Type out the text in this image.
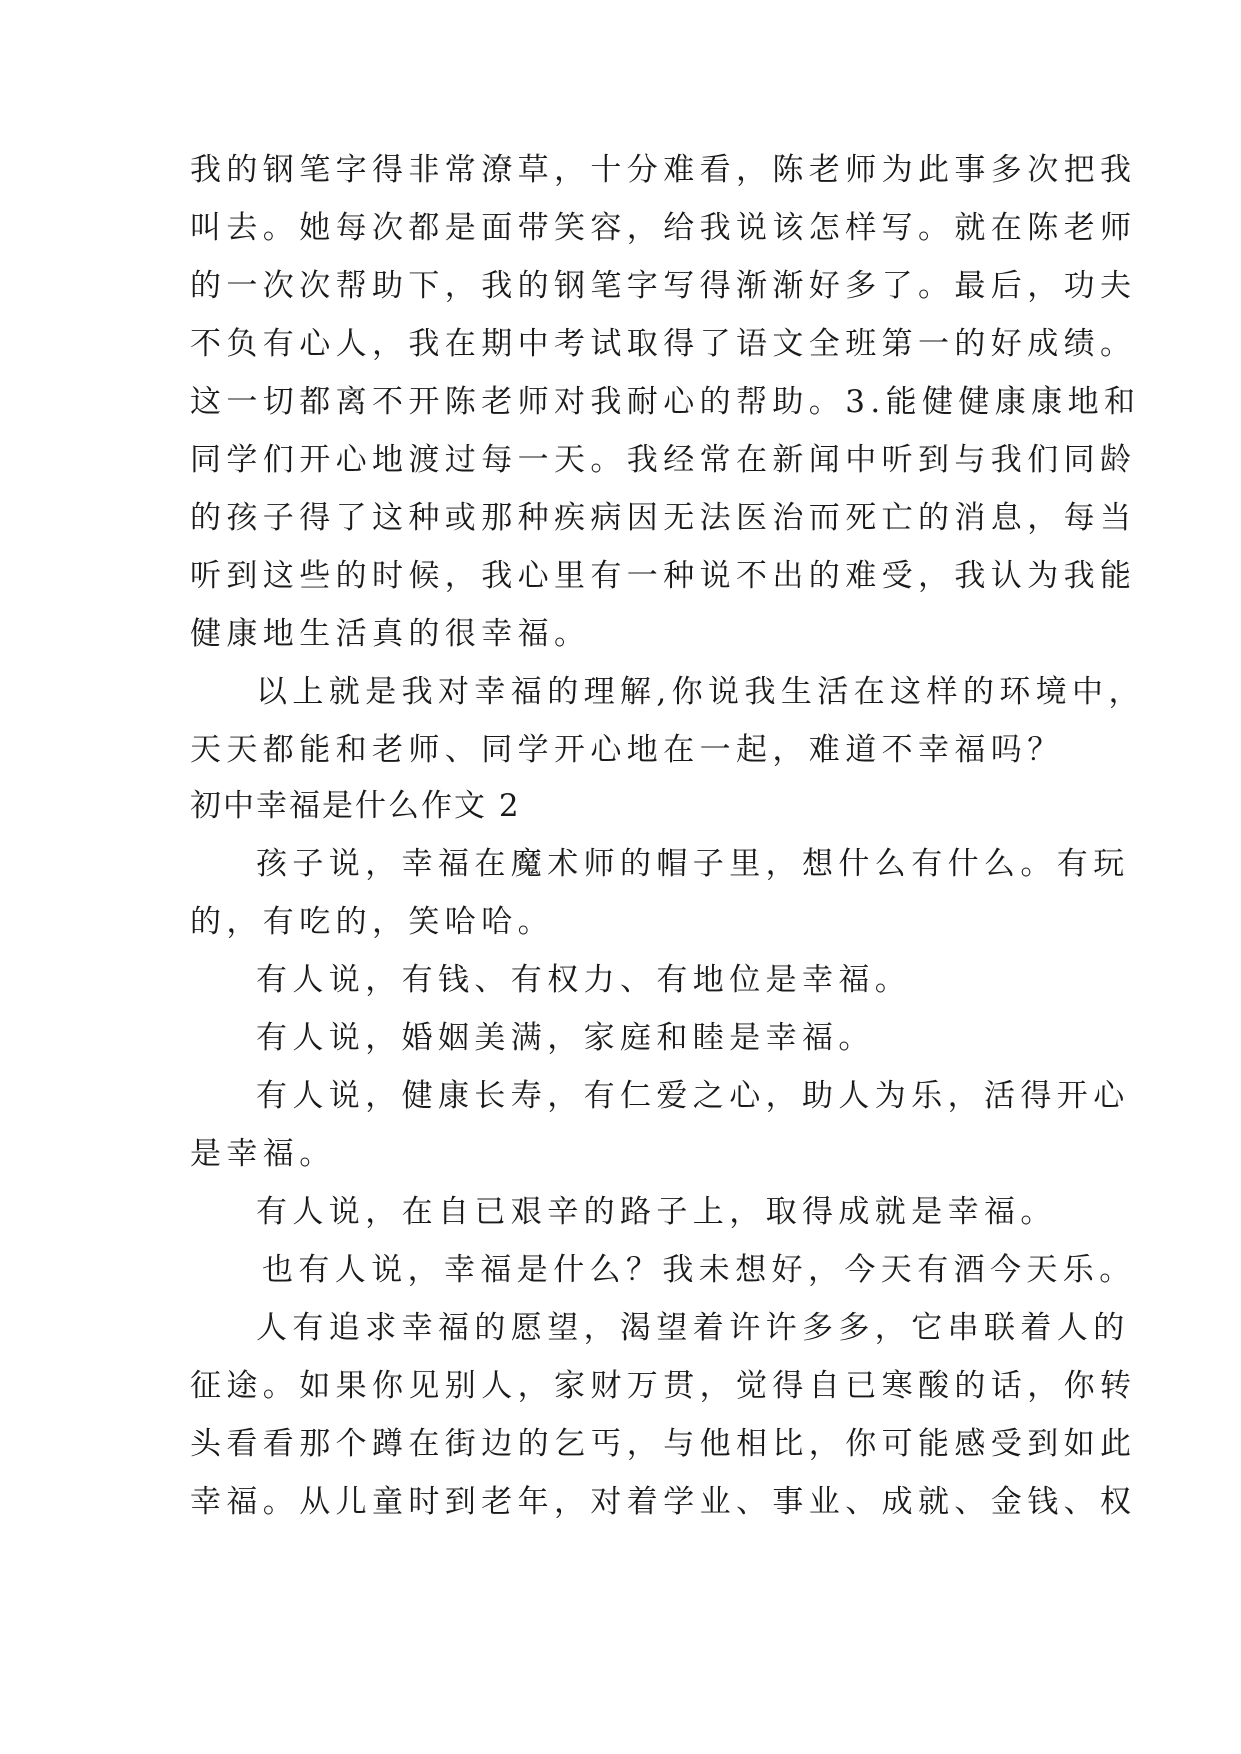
我的钢笔字得非常潦草，十分难看，陈老师为此事多次把我
叫去。她每次都是面带笑容，给我说该怎样写。就在陈老师
的一次次帮助下，我的钢笔字写得渐渐好多了。最后，功夫
不负有心人，我在期中考试取得了语文全班第一的好成绩。
这一切都离不开陈老师对我耐心的帮助。3.能健健康康地和
同学们开心地渡过每一天。我经常在新闻中听到与我们同龄
的孩子得了这种或那种疾病因无法医治而死亡的消息，每当
听到这些的时候，我心里有一种说不出的难受，我认为我能
健康地生活真的很幸福。
以上就是我对幸福的理解,你说我生活在这样的环境中，
天天都能和老师、同学开心地在一起，难道不幸福吗？
初中幸福是什么作文 2
孩子说，幸福在魔术师的帽子里，想什么有什么。有玩
的，有吃的，笑哈哈。
有人说，有钱、有权力、有地位是幸福。
有人说，婚姻美满，家庭和睦是幸福。
有人说，健康长寿，有仁爱之心，助人为乐，活得开心
是幸福。
有人说，在自已艰辛的路子上，取得成就是幸福。
也有人说，幸福是什么？我未想好，今天有酒今天乐。
人有追求幸福的愿望，渴望着许许多多，它串联着人的
征途。如果你见别人，家财万贯，觉得自已寒酸的话，你转
头看看那个蹲在街边的乞丐，与他相比，你可能感受到如此
幸福。从儿童时到老年，对着学业、事业、成就、金钱、权
